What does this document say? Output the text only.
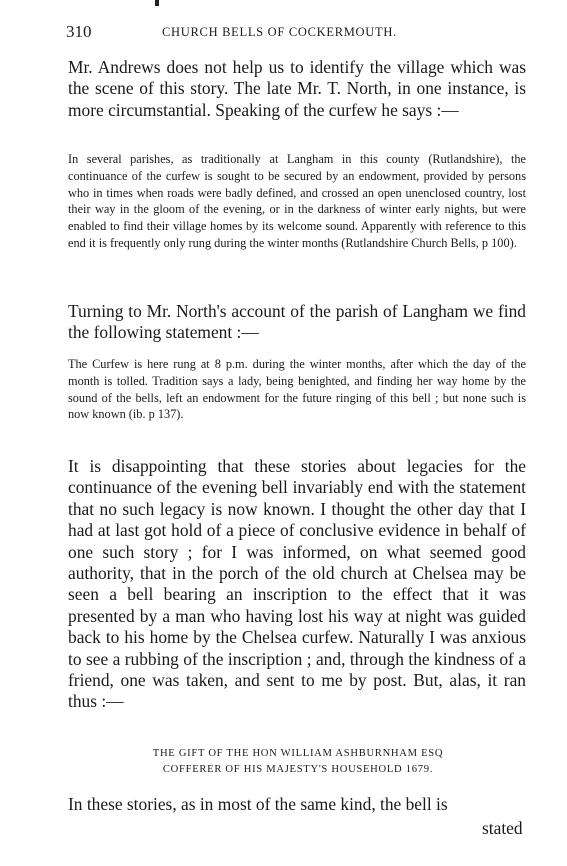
310	CHURCH BELLS OF COCKERMOUTH.

Mr. Andrews does not help us to identify the village which was the scene of this story. The late Mr. T. North, in one instance, is more circumstantial. Speaking of the curfew he says :—

In several parishes, as traditionally at Langham in this county (Rutlandshire), the continuance of the curfew is sought to be secured by an endowment, provided by persons who in times when roads were badly defined, and crossed an open unenclosed country, lost their way in the gloom of the evening, or in the darkness of winter early nights, but were enabled to find their village homes by its welcome sound. Apparently with reference to this end it is frequently only rung during the winter months (Rutlandshire Church Bells, p 100).

Turning to Mr. North's account of the parish of Langham we find the following statement :—

The Curfew is here rung at 8 p.m. during the winter months, after which the day of the month is tolled. Tradition says a lady, being benighted, and finding her way home by the sound of the bells, left an endowment for the future ringing of this bell ; but none such is now known (ib. p 137).

It is disappointing that these stories about legacies for the continuance of the evening bell invariably end with the statement that no such legacy is now known. I thought the other day that I had at last got hold of a piece of conclusive evidence in behalf of one such story ; for I was informed, on what seemed good authority, that in the porch of the old church at Chelsea may be seen a bell bearing an inscription to the effect that it was presented by a man who having lost his way at night was guided back to his home by the Chelsea curfew. Naturally I was anxious to see a rubbing of the inscription ; and, through the kindness of a friend, one was taken, and sent to me by post. But, alas, it ran thus :—

THE GIFT OF THE HON WILLIAM ASHBURNHAM ESQ
COFFERER OF HIS MAJESTY'S HOUSEHOLD 1679.

In these stories, as in most of the same kind, the bell is

stated
